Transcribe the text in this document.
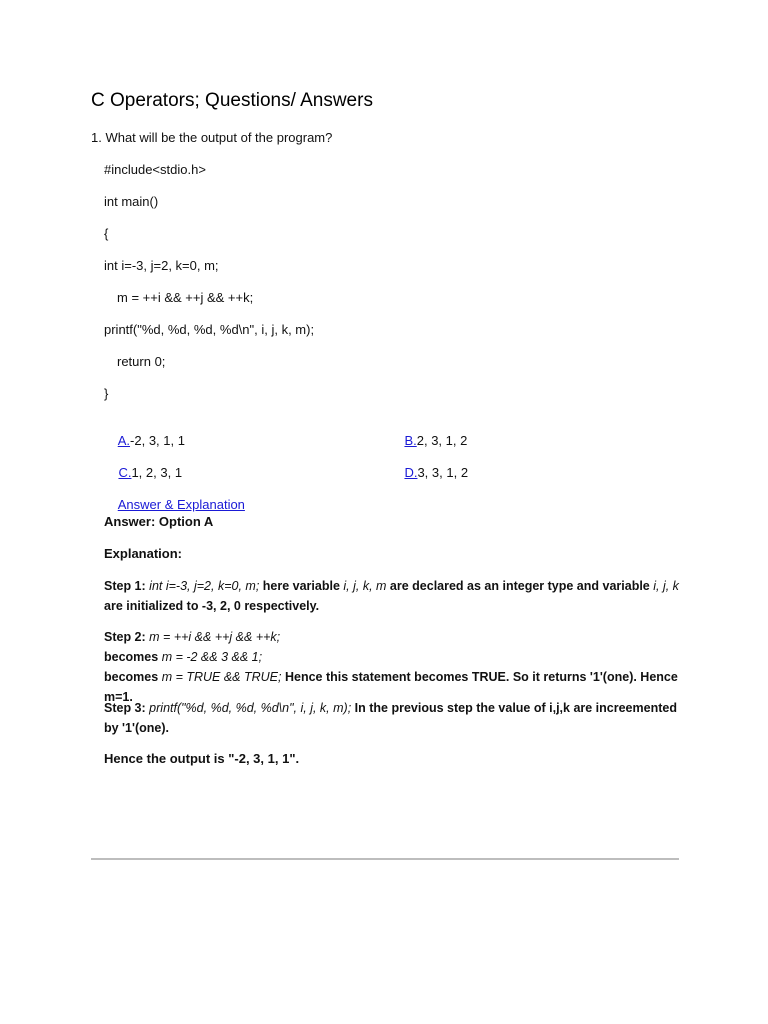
C Operators; Questions/ Answers
1. What will be the output of the program?
#include<stdio.h>
int main()
{
int i=-3, j=2, k=0, m;
m = ++i && ++j && ++k;
printf("%d, %d, %d, %d\n", i, j, k, m);
return 0;
}

A.-2, 3, 1, 1
	B.2, 3, 1, 2

C.1, 2, 3, 1
	D.3, 3, 1, 2

Answer & Explanation

Answer: Option A
Explanation:
Step 1: int i=-3, j=2, k=0, m; here variable i, j, k, m are declared as an integer type and variable i, j, k are initialized to -3, 2, 0 respectively.
Step 2: m = ++i && ++j && ++k;
becomes m = -2 && 3 && 1;
becomes m = TRUE && TRUE; Hence this statement becomes TRUE. So it returns '1'(one). Hence m=1.
Step 3: printf("%d, %d, %d, %d\n", i, j, k, m); In the previous step the value of i,j,k are increemented by '1'(one).
Hence the output is "-2, 3, 1, 1".
